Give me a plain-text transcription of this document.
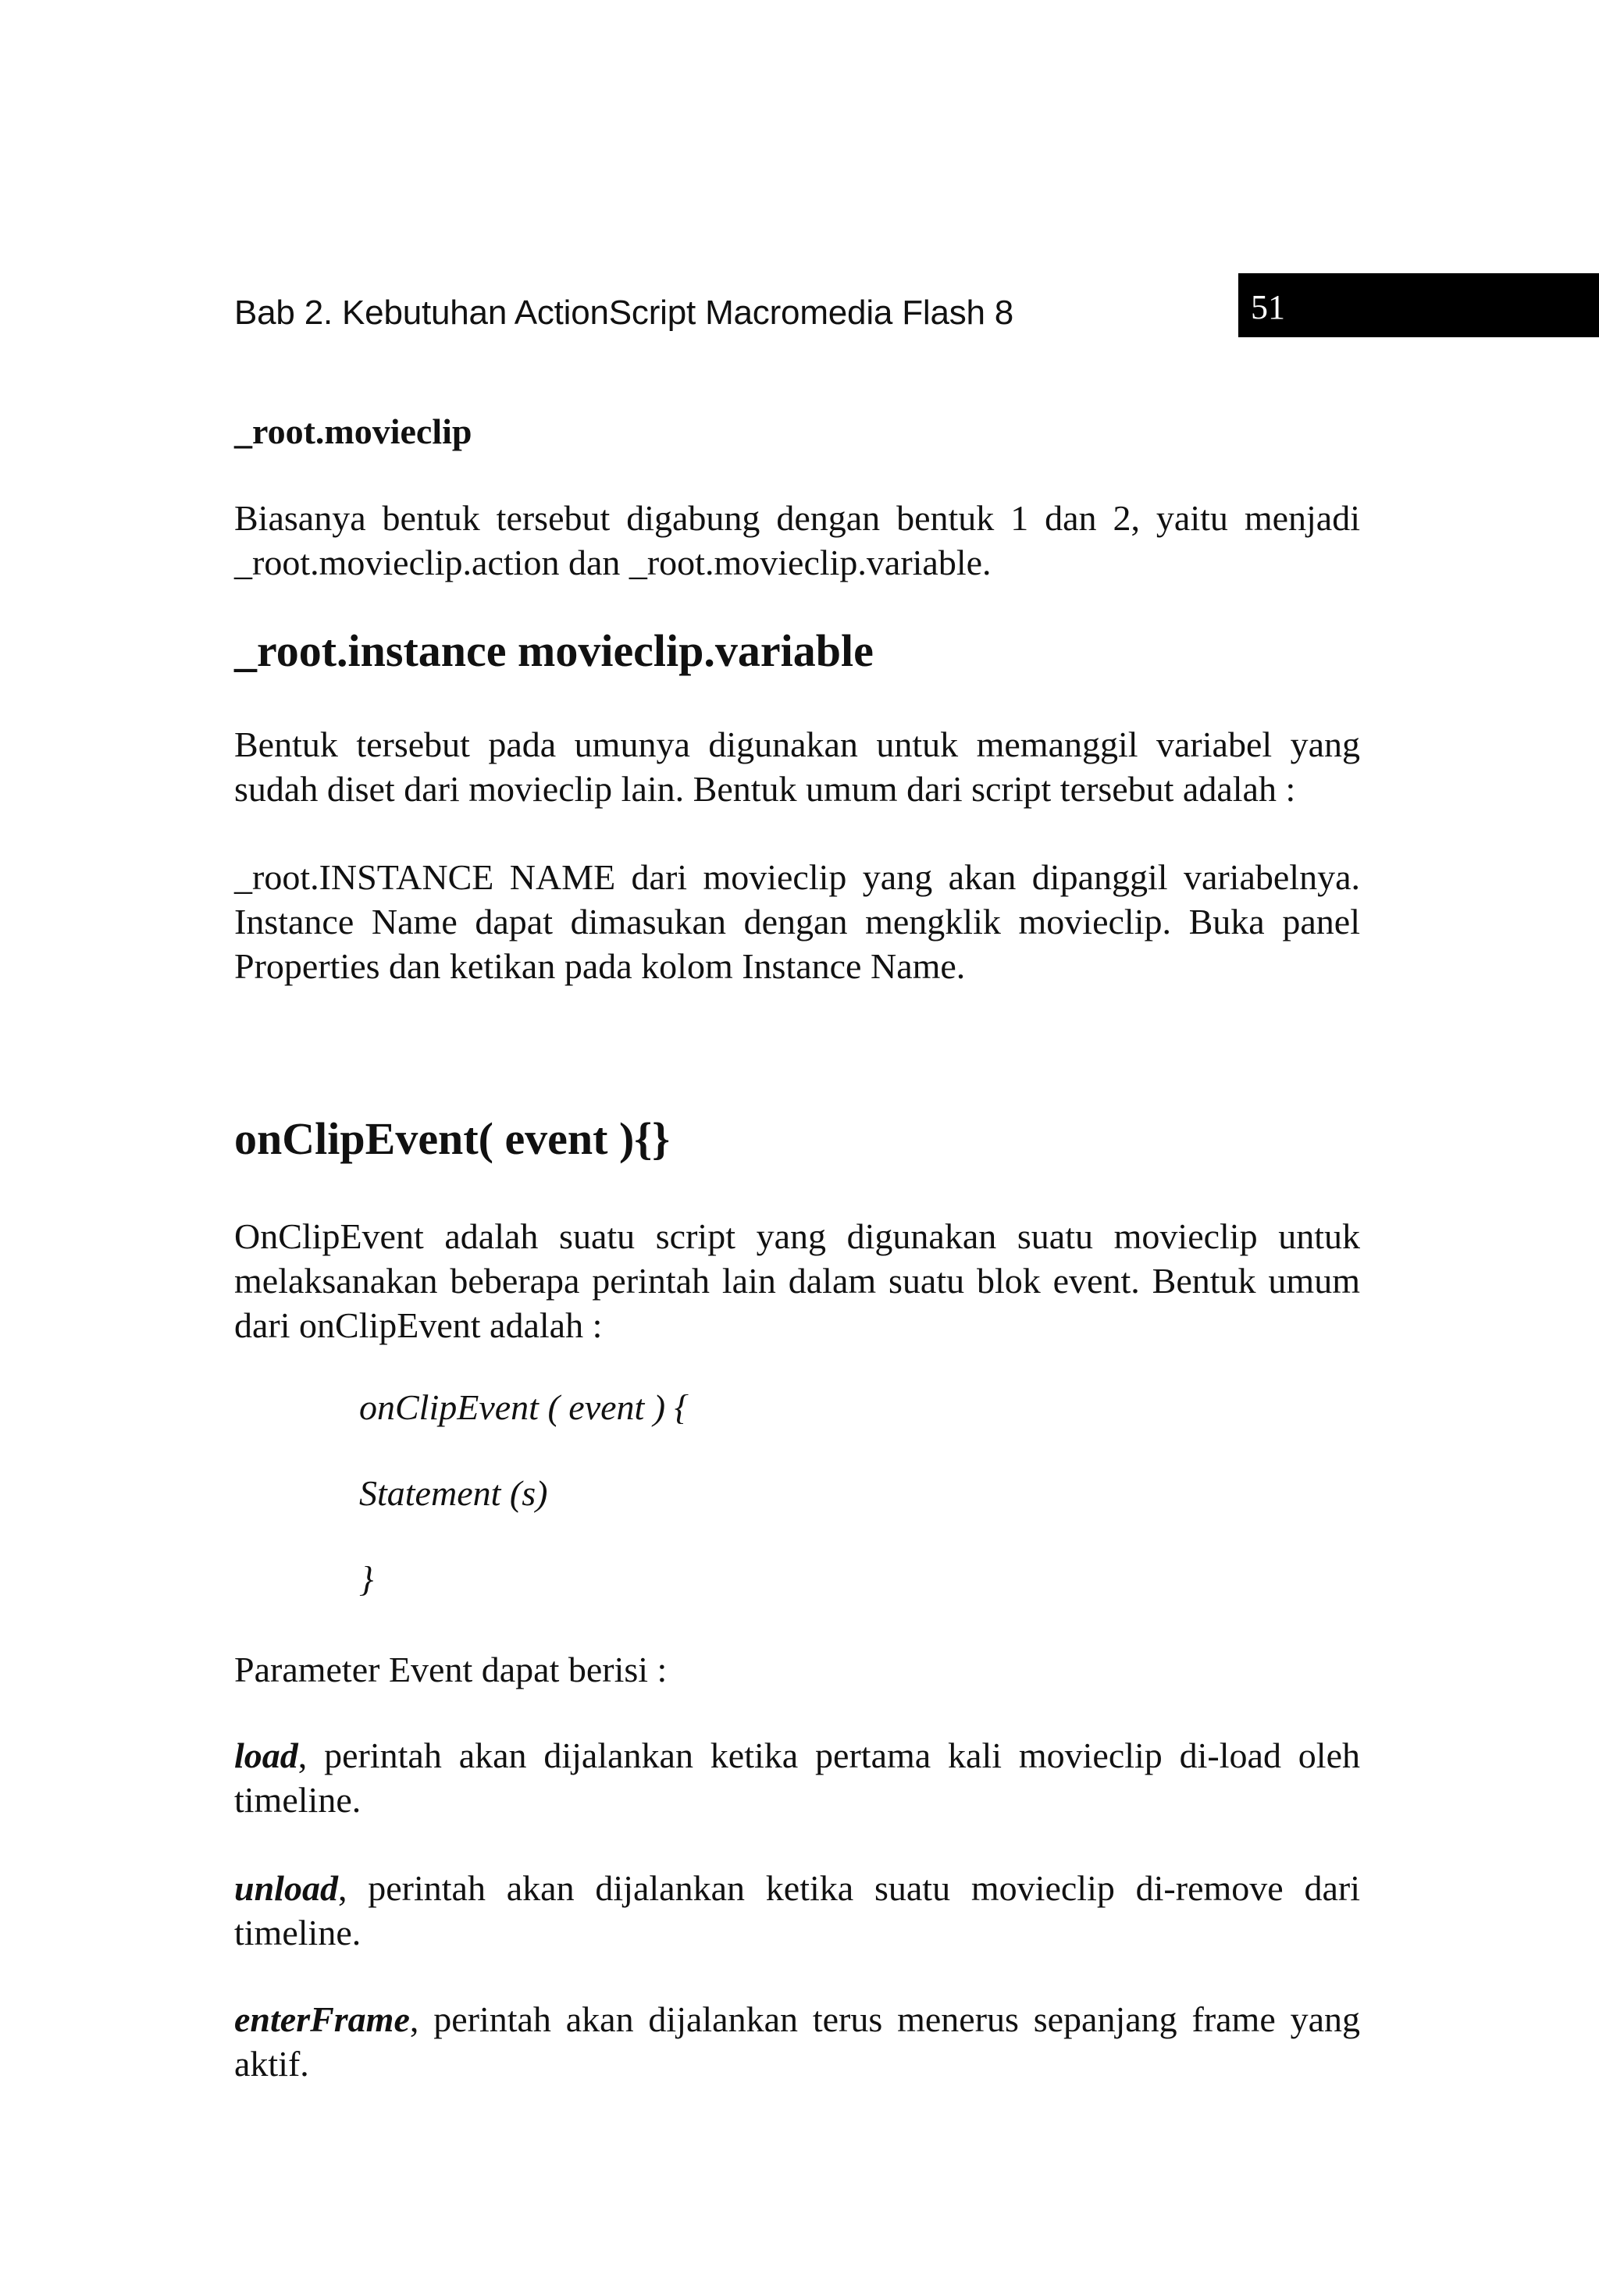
Bab 2. Kebutuhan ActionScript Macromedia Flash 8	51
_root.movieclip

Biasanya bentuk tersebut digabung dengan bentuk 1 dan 2, yaitu menjadi _root.movieclip.action dan _root.movieclip.variable.

_root.instance movieclip.variable

Bentuk tersebut pada umunya digunakan untuk memanggil variabel yang sudah diset dari movieclip lain. Bentuk umum dari script tersebut adalah :

_root.INSTANCE NAME dari movieclip yang akan dipanggil variabelnya. Instance Name dapat dimasukan dengan mengklik movieclip. Buka panel Properties dan ketikan pada kolom Instance Name.

onClipEvent( event ){}

OnClipEvent adalah suatu script yang digunakan suatu movieclip untuk melaksanakan beberapa perintah lain dalam suatu blok event. Bentuk umum dari onClipEvent adalah :

onClipEvent ( event ) {

Statement (s)

}

Parameter Event dapat berisi :

load, perintah akan dijalankan ketika pertama kali movieclip di-load oleh timeline.

unload, perintah akan dijalankan ketika suatu movieclip di-remove dari timeline.

enterFrame, perintah akan dijalankan terus menerus sepanjang frame yang aktif.
